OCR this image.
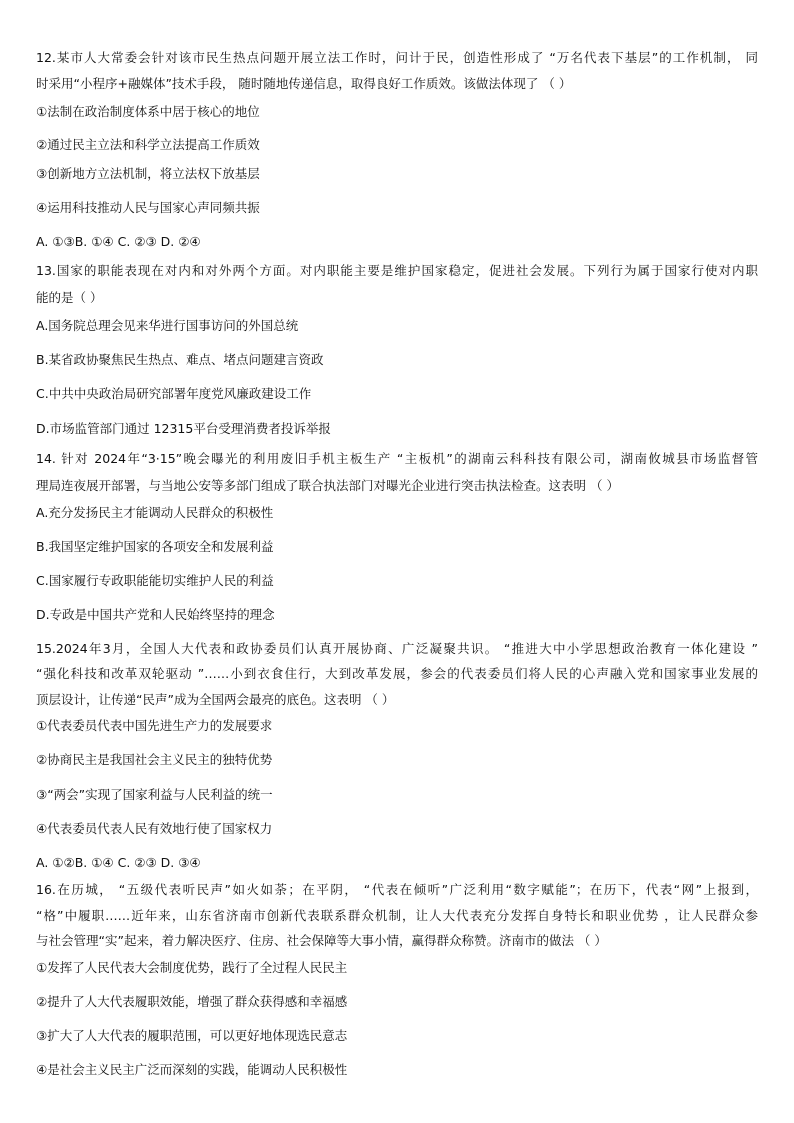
12.某市人大常委会针对该市民生热点问题开展立法工作时，问计于民，创造性形成了 “万名代表下基层”的工作机制， 同
时采用“小程序+融媒体”技术手段， 随时随地传递信息，取得良好工作质效。该做法体现了 （ ）
①法制在政治制度体系中居于核心的地位
②通过民主立法和科学立法提高工作质效
③创新地方立法机制，将立法权下放基层
④运用科技推动人民与国家心声同频共振
A. ①③B. ①④ C. ②③ D. ②④
13.国家的职能表现在对内和对外两个方面。对内职能主要是维护国家稳定，促进社会发展。下列行为属于国家行使对内职
能的是（ ）
A.国务院总理会见来华进行国事访问的外国总统
B.某省政协聚焦民生热点、难点、堵点问题建言资政
C.中共中央政治局研究部署年度党风廉政建设工作
D.市场监管部门通过 12315平台受理消费者投诉举报
14. 针对 2024年“3·15”晚会曝光的利用废旧手机主板生产 “主板机”的湖南云科科技有限公司，湖南攸城县市场监督管
理局连夜展开部署，与当地公安等多部门组成了联合执法部门对曝光企业进行突击执法检查。这表明 （ ）
A.充分发扬民主才能调动人民群众的积极性
B.我国坚定维护国家的各项安全和发展利益
C.国家履行专政职能能切实维护人民的利益
D.专政是中国共产党和人民始终坚持的理念
15.2024年3月，全国人大代表和政协委员们认真开展协商、广泛凝聚共识。 “推进大中小学思想政治教育一体化建设 ”
“强化科技和改革双轮驱动 ”……小到衣食住行，大到改革发展，参会的代表委员们将人民的心声融入党和国家事业发展的
顶层设计，让传递“民声”成为全国两会最亮的底色。这表明 （ ）
①代表委员代表中国先进生产力的发展要求
②协商民主是我国社会主义民主的独特优势
③“两会”实现了国家利益与人民利益的统一
④代表委员代表人民有效地行使了国家权力
A. ①②B. ①④ C. ②③ D. ③④
16.在历城， “五级代表听民声”如火如荼；在平阴， “代表在倾听”广泛利用“数字赋能”；在历下，代表“网”上报到，
“格”中履职……近年来，山东省济南市创新代表联系群众机制，让人大代表充分发挥自身特长和职业优势 ，让人民群众参
与社会管理“实”起来，着力解决医疗、住房、社会保障等大事小情，赢得群众称赞。济南市的做法 （ ）
①发挥了人民代表大会制度优势，践行了全过程人民民主
②提升了人大代表履职效能，增强了群众获得感和幸福感
③扩大了人大代表的履职范围，可以更好地体现选民意志
④是社会主义民主广泛而深刻的实践，能调动人民积极性
